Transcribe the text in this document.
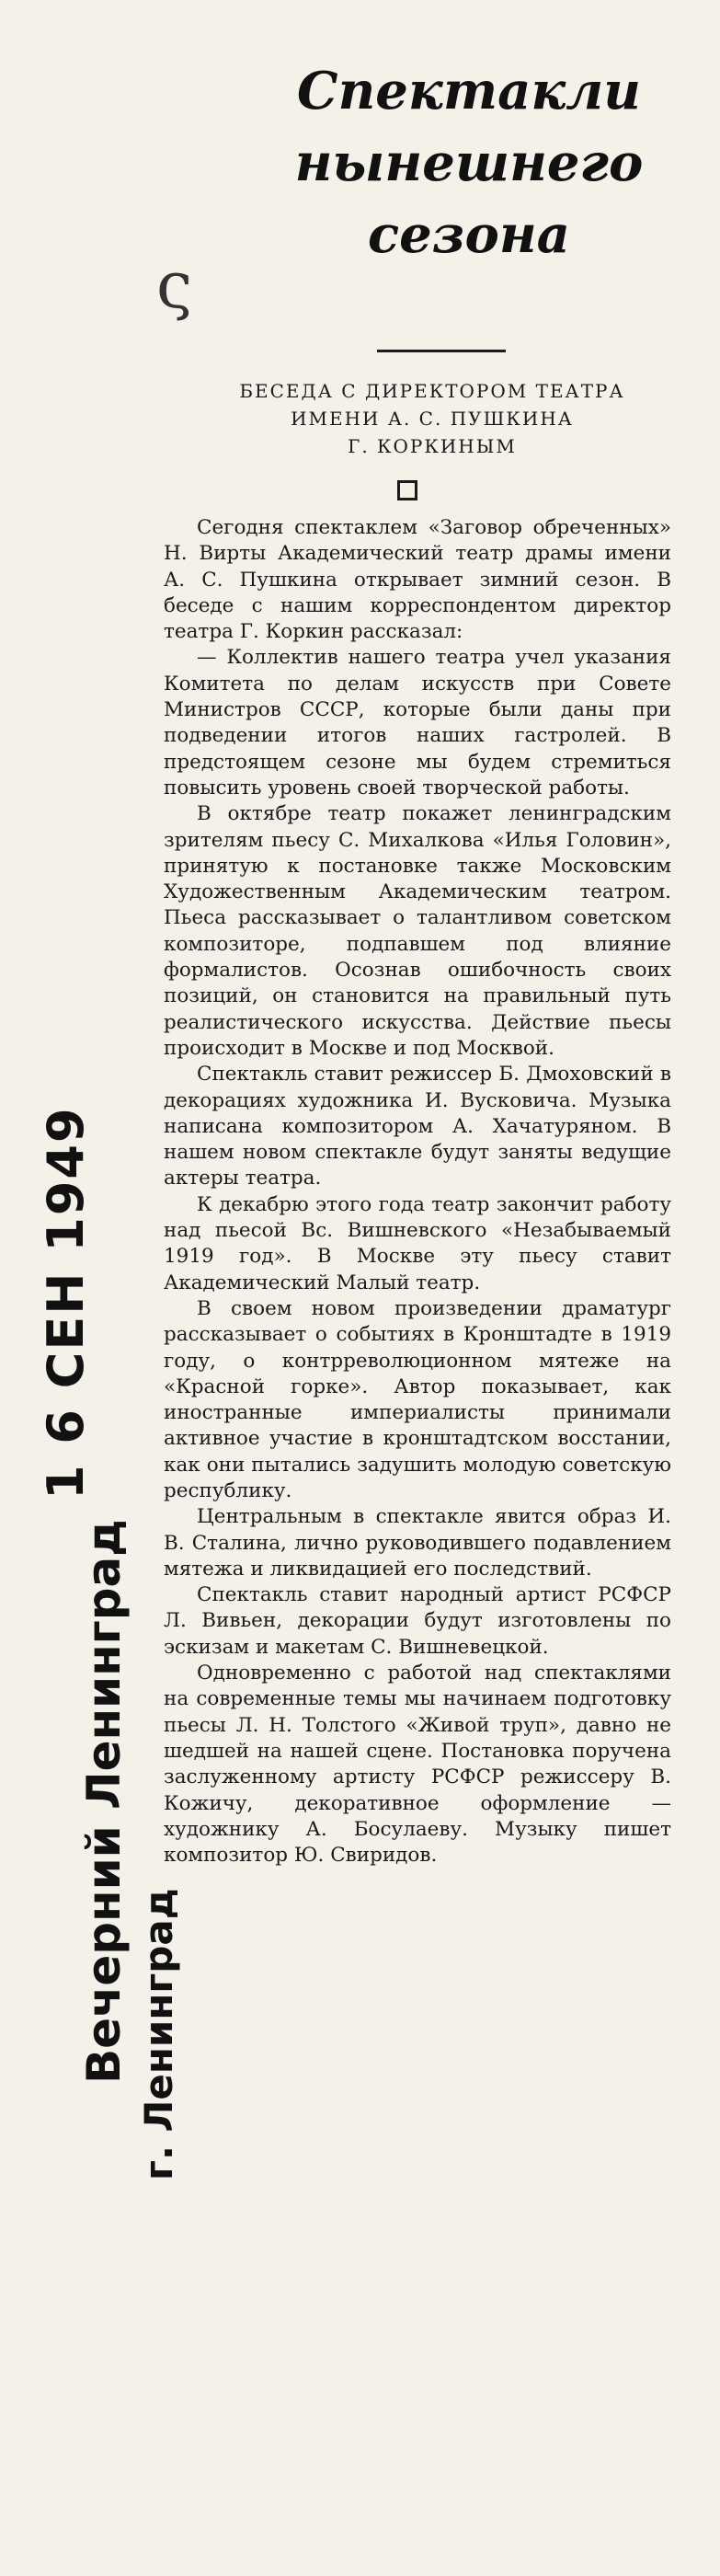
Спектакли
нынешнего
сезона
ς
БЕСЕДА С ДИРЕКТОРОМ ТЕАТРА
ИМЕНИ А. С. ПУШКИНА
Г. КОРКИНЫМ

Сегодня спектаклем «Заговор обреченных» Н. Вирты Академический театр драмы имени А. С. Пушкина открывает зимний сезон. В беседе с нашим корреспондентом директор театра Г. Коркин рассказал:

— Коллектив нашего театра учел указания Комитета по делам искусств при Совете Министров СССР, которые были даны при подведении итогов наших гастролей. В предстоящем сезоне мы будем стремиться повысить уровень своей творческой работы.

В октябре театр покажет ленинградским зрителям пьесу С. Михалкова «Илья Головин», принятую к постановке также Московским Художественным Академическим театром. Пьеса рассказывает о талантливом советском композиторе, подпавшем под влияние формалистов. Осознав ошибочность своих позиций, он становится на правильный путь реалистического искусства. Действие пьесы происходит в Москве и под Москвой.

Спектакль ставит режиссер Б. Дмоховский в декорациях художника И. Вусковича. Музыка написана композитором А. Хачатуряном. В нашем новом спектакле будут заняты ведущие актеры театра.

К декабрю этого года театр закончит работу над пьесой Вс. Вишневского «Незабываемый 1919 год». В Москве эту пьесу ставит Академический Малый театр.

В своем новом произведении драматург рассказывает о событиях в Кронштадте в 1919 году, о контрреволюционном мятеже на «Красной горке». Автор показывает, как иностранные империалисты принимали активное участие в кронштадтском восстании, как они пытались задушить молодую советскую республику.

Центральным в спектакле явится образ И. В. Сталина, лично руководившего подавлением мятежа и ликвидацией его последствий.

Спектакль ставит народный артист РСФСР Л. Вивьен, декорации будут изготовлены по эскизам и макетам С. Вишневецкой.

Одновременно с работой над спектаклями на современные темы мы начинаем подготовку пьесы Л. Н. Толстого «Живой труп», давно не шедшей на нашей сцене. Постановка поручена заслуженному артисту РСФСР режиссеру В. Кожичу, декоративное оформление — художнику А. Босулаеву. Музыку пишет композитор Ю. Свиридов.

1 6 СЕН 1949
Вечерний Ленинград г. Ленинград
